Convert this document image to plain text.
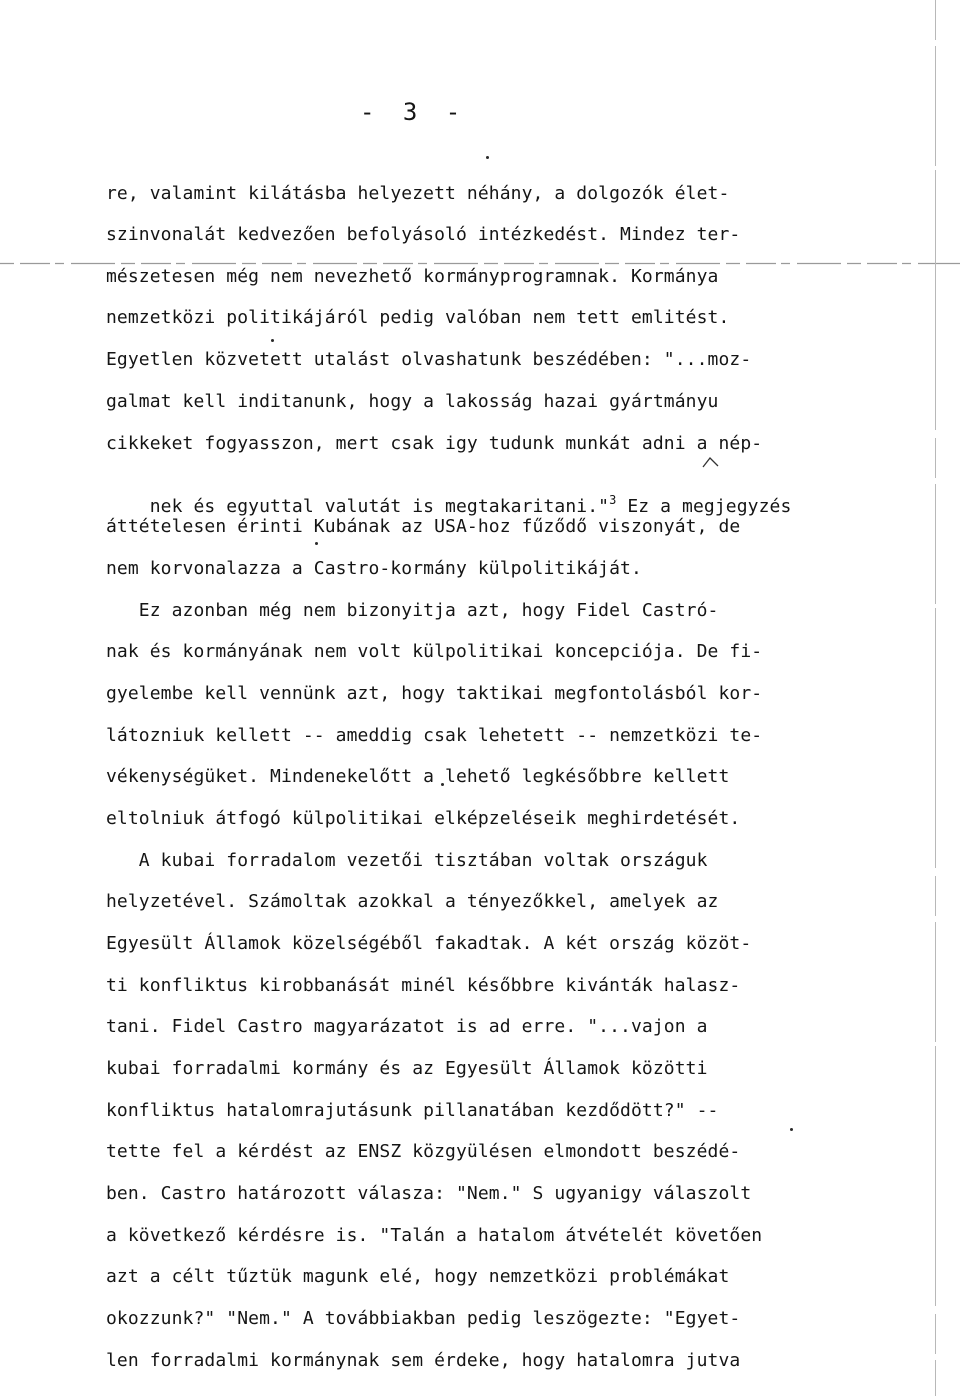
- 3 -
re, valamint kilátásba helyezett néhány, a dolgozók élet-
szinvonalát kedvezően befolyásoló intézkedést. Mindez ter-
mészetesen még nem nevezhető kormányprogramnak. Kormánya
nemzetközi politikájáról pedig valóban nem tett emlitést.
Egyetlen közvetett utalást olvashatunk beszédében: "...moz-
galmat kell inditanunk, hogy a lakosság hazai gyártmányu
cikkeket fogyasszon, mert csak igy tudunk munkát adni a nép-

nek és egyuttal valutát is megtakaritani."$^3$ Ez a megjegyzés

áttételesen érinti Kubának az USA-hoz fűződő viszonyát, de
nem korvonalazza a Castro-kormány külpolitikáját.
Ez azonban még nem bizonyitja azt, hogy Fidel Castró-
nak és kormányának nem volt külpolitikai koncepciója. De fi-
gyelembe kell vennünk azt, hogy taktikai megfontolásból kor-
látozniuk kellett -- ameddig csak lehetett -- nemzetközi te-
vékenységüket. Mindenekelőtt a lehető legkésőbbre kellett
eltolniuk átfogó külpolitikai elképzeléseik meghirdetését.
A kubai forradalom vezetői tisztában voltak országuk
helyzetével. Számoltak azokkal a tényezőkkel, amelyek az
Egyesült Államok közelségéből fakadtak. A két ország közöt-
ti konfliktus kirobbanását minél későbbre kivánták halasz-
tani. Fidel Castro magyarázatot is ad erre. "...vajon a
kubai forradalmi kormány és az Egyesült Államok közötti
konfliktus hatalomrajutásunk pillanatában kezdődött?" --
tette fel a kérdést az ENSZ közgyülésen elmondott beszédé-
ben. Castro határozott válasza: "Nem." S ugyanigy válaszolt
a következő kérdésre is. "Talán a hatalom átvételét követően
azt a célt tűztük magunk elé, hogy nemzetközi problémákat
okozzunk?" "Nem." A továbbiakban pedig leszögezte: "Egyet-
len forradalmi kormánynak sem érdeke, hogy hatalomra jutva
